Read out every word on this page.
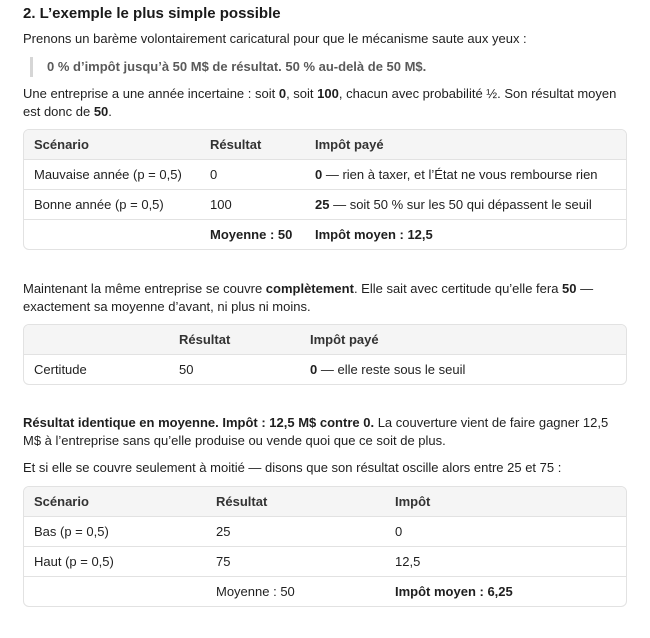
2. L’exemple le plus simple possible

Prenons un barème volontairement caricatural pour que le mécanisme saute aux yeux :

0 % d’impôt jusqu’à 50 M$ de résultat. 50 % au-delà de 50 M$.

Une entreprise a une année incertaine : soit 0, soit 100, chacun avec probabilité ½. Son résultat moyen est donc de 50.

Scénario	Résultat	Impôt payé
Mauvaise année (p = 0,5)	0	0 — rien à taxer, et l’État ne vous rembourse rien
Bonne année (p = 0,5)	100	25 — soit 50 % sur les 50 qui dépassent le seuil
	Moyenne : 50	Impôt moyen : 12,5

Maintenant la même entreprise se couvre complètement. Elle sait avec certitude qu’elle fera 50 — exactement sa moyenne d’avant, ni plus ni moins.

	Résultat	Impôt payé
Certitude	50	0 — elle reste sous le seuil

Résultat identique en moyenne. Impôt : 12,5 M$ contre 0. La couverture vient de faire gagner 12,5 M$ à l’entreprise sans qu’elle produise ou vende quoi que ce soit de plus.

Et si elle se couvre seulement à moitié — disons que son résultat oscille alors entre 25 et 75 :

Scénario	Résultat	Impôt
Bas (p = 0,5)	25	0
Haut (p = 0,5)	75	12,5
	Moyenne : 50	Impôt moyen : 6,25
